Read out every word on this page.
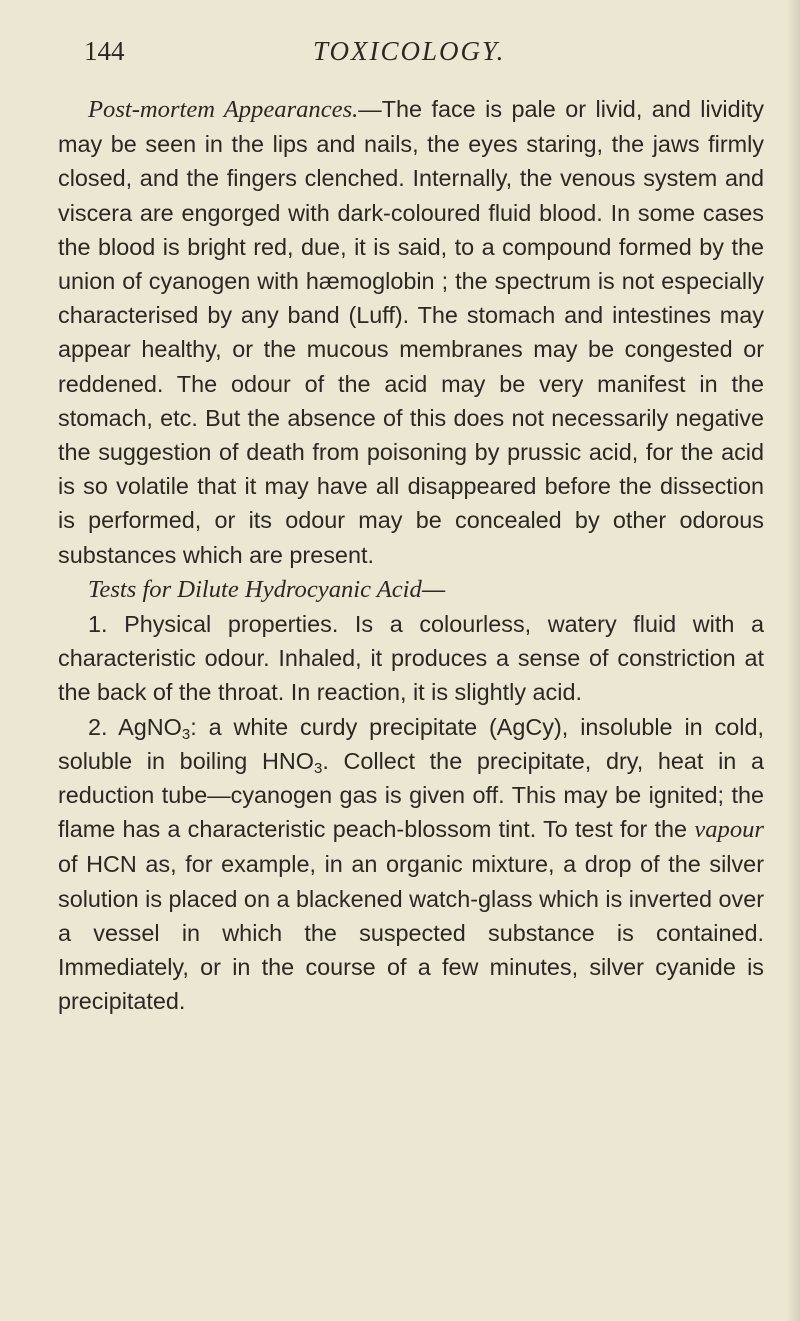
144	TOXICOLOGY.

Post-mortem Appearances.—The face is pale or livid, and lividity may be seen in the lips and nails, the eyes staring, the jaws firmly closed, and the fingers clenched. Internally, the venous system and viscera are engorged with dark-coloured fluid blood. In some cases the blood is bright red, due, it is said, to a compound formed by the union of cyanogen with hæmoglobin ; the spectrum is not especially characterised by any band (Luff). The stomach and intestines may appear healthy, or the mucous membranes may be congested or reddened. The odour of the acid may be very manifest in the stomach, etc. But the absence of this does not necessarily negative the suggestion of death from poisoning by prussic acid, for the acid is so volatile that it may have all disappeared before the dissection is performed, or its odour may be concealed by other odorous substances which are present.

Tests for Dilute Hydrocyanic Acid—

1. Physical properties. Is a colourless, watery fluid with a characteristic odour. Inhaled, it produces a sense of constriction at the back of the throat. In reaction, it is slightly acid.

2. AgNO$_3$: a white curdy precipitate (AgCy), insoluble in cold, soluble in boiling $HNO_3$. Collect the precipitate, dry, heat in a reduction tube—cyanogen gas is given off. This may be ignited; the flame has a characteristic peach-blossom tint. To test for the vapour of HCN as, for example, in an organic mixture, a drop of the silver solution is placed on a blackened watch-glass which is inverted over a vessel in which the suspected substance is contained. Immediately, or in the course of a few minutes, silver cyanide is precipitated.
